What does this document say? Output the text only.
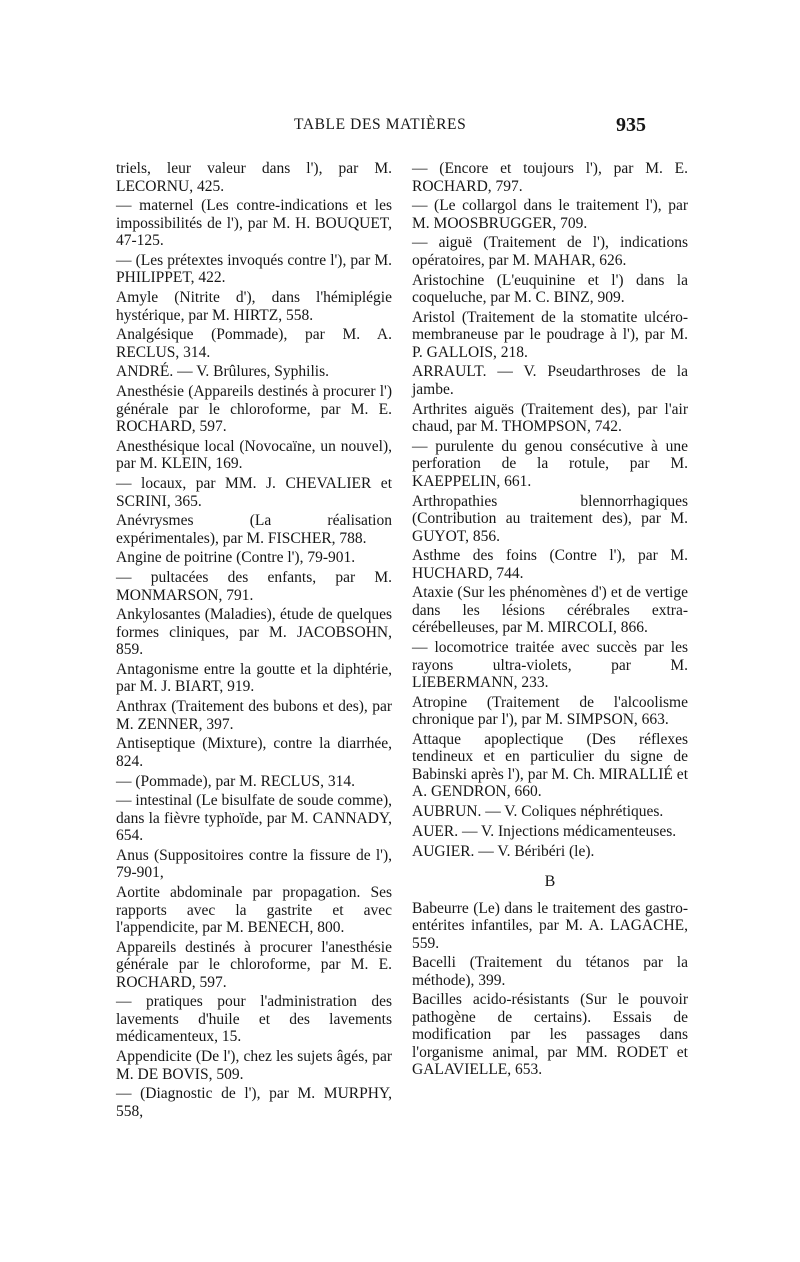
TABLE DES MATIÈRES	935

triels, leur valeur dans l'), par M. LECORNU, 425.

— maternel (Les contre-indications et les impossibilités de l'), par M. H. BOUQUET, 47-125.

— (Les prétextes invoqués contre l'), par M. PHILIPPET, 422.

Amyle (Nitrite d'), dans l'hémiplégie hystérique, par M. HIRTZ, 558.

Analgésique (Pommade), par M. A. RECLUS, 314.

ANDRÉ. — V. Brûlures, Syphilis.

Anesthésie (Appareils destinés à procurer l') générale par le chloroforme, par M. E. ROCHARD, 597.

Anesthésique local (Novocaïne, un nouvel), par M. KLEIN, 169.

— locaux, par MM. J. CHEVALIER et SCRINI, 365.

Anévrysmes (La réalisation expérimentales), par M. FISCHER, 788.

Angine de poitrine (Contre l'), 79-901.

— pultacées des enfants, par M. MONMARSON, 791.

Ankylosantes (Maladies), étude de quelques formes cliniques, par M. JACOBSOHN, 859.

Antagonisme entre la goutte et la diphtérie, par M. J. BIART, 919.

Anthrax (Traitement des bubons et des), par M. ZENNER, 397.

Antiseptique (Mixture), contre la diarrhée, 824.

— (Pommade), par M. RECLUS, 314.

— intestinal (Le bisulfate de soude comme), dans la fièvre typhoïde, par M. CANNADY, 654.

Anus (Suppositoires contre la fissure de l'), 79-901,

Aortite abdominale par propagation. Ses rapports avec la gastrite et avec l'appendicite, par M. BENECH, 800.

Appareils destinés à procurer l'anesthésie générale par le chloroforme, par M. E. ROCHARD, 597.

— pratiques pour l'administration des lavements d'huile et des lavements médicamenteux, 15.

Appendicite (De l'), chez les sujets âgés, par M. DE BOVIS, 509.

— (Diagnostic de l'), par M. MURPHY, 558,

— (Encore et toujours l'), par M. E. ROCHARD, 797.

— (Le collargol dans le traitement l'), par M. MOOSBRUGGER, 709.

— aiguë (Traitement de l'), indications opératoires, par M. MAHAR, 626.

Aristochine (L'euquinine et l') dans la coqueluche, par M. C. BINZ, 909.

Aristol (Traitement de la stomatite ulcéro-membraneuse par le poudrage à l'), par M. P. GALLOIS, 218.

ARRAULT. — V. Pseudarthroses de la jambe.

Arthrites aiguës (Traitement des), par l'air chaud, par M. THOMPSON, 742.

— purulente du genou consécutive à une perforation de la rotule, par M. KAEPPELIN, 661.

Arthropathies blennorrhagiques (Contribution au traitement des), par M. GUYOT, 856.

Asthme des foins (Contre l'), par M. HUCHARD, 744.

Ataxie (Sur les phénomènes d') et de vertige dans les lésions cérébrales extra-cérébelleuses, par M. MIRCOLI, 866.

— locomotrice traitée avec succès par les rayons ultra-violets, par M. LIEBERMANN, 233.

Atropine (Traitement de l'alcoolisme chronique par l'), par M. SIMPSON, 663.

Attaque apoplectique (Des réflexes tendineux et en particulier du signe de Babinski après l'), par M. Ch. MIRALLIÉ et A. GENDRON, 660.

AUBRUN. — V. Coliques néphrétiques.

AUER. — V. Injections médicamenteuses.

AUGIER. — V. Béribéri (le).

B

Babeurre (Le) dans le traitement des gastro-entérites infantiles, par M. A. LAGACHE, 559.

Bacelli (Traitement du tétanos par la méthode), 399.

Bacilles acido-résistants (Sur le pouvoir pathogène de certains). Essais de modification par les passages dans l'organisme animal, par MM. RODET et GALAVIELLE, 653.
